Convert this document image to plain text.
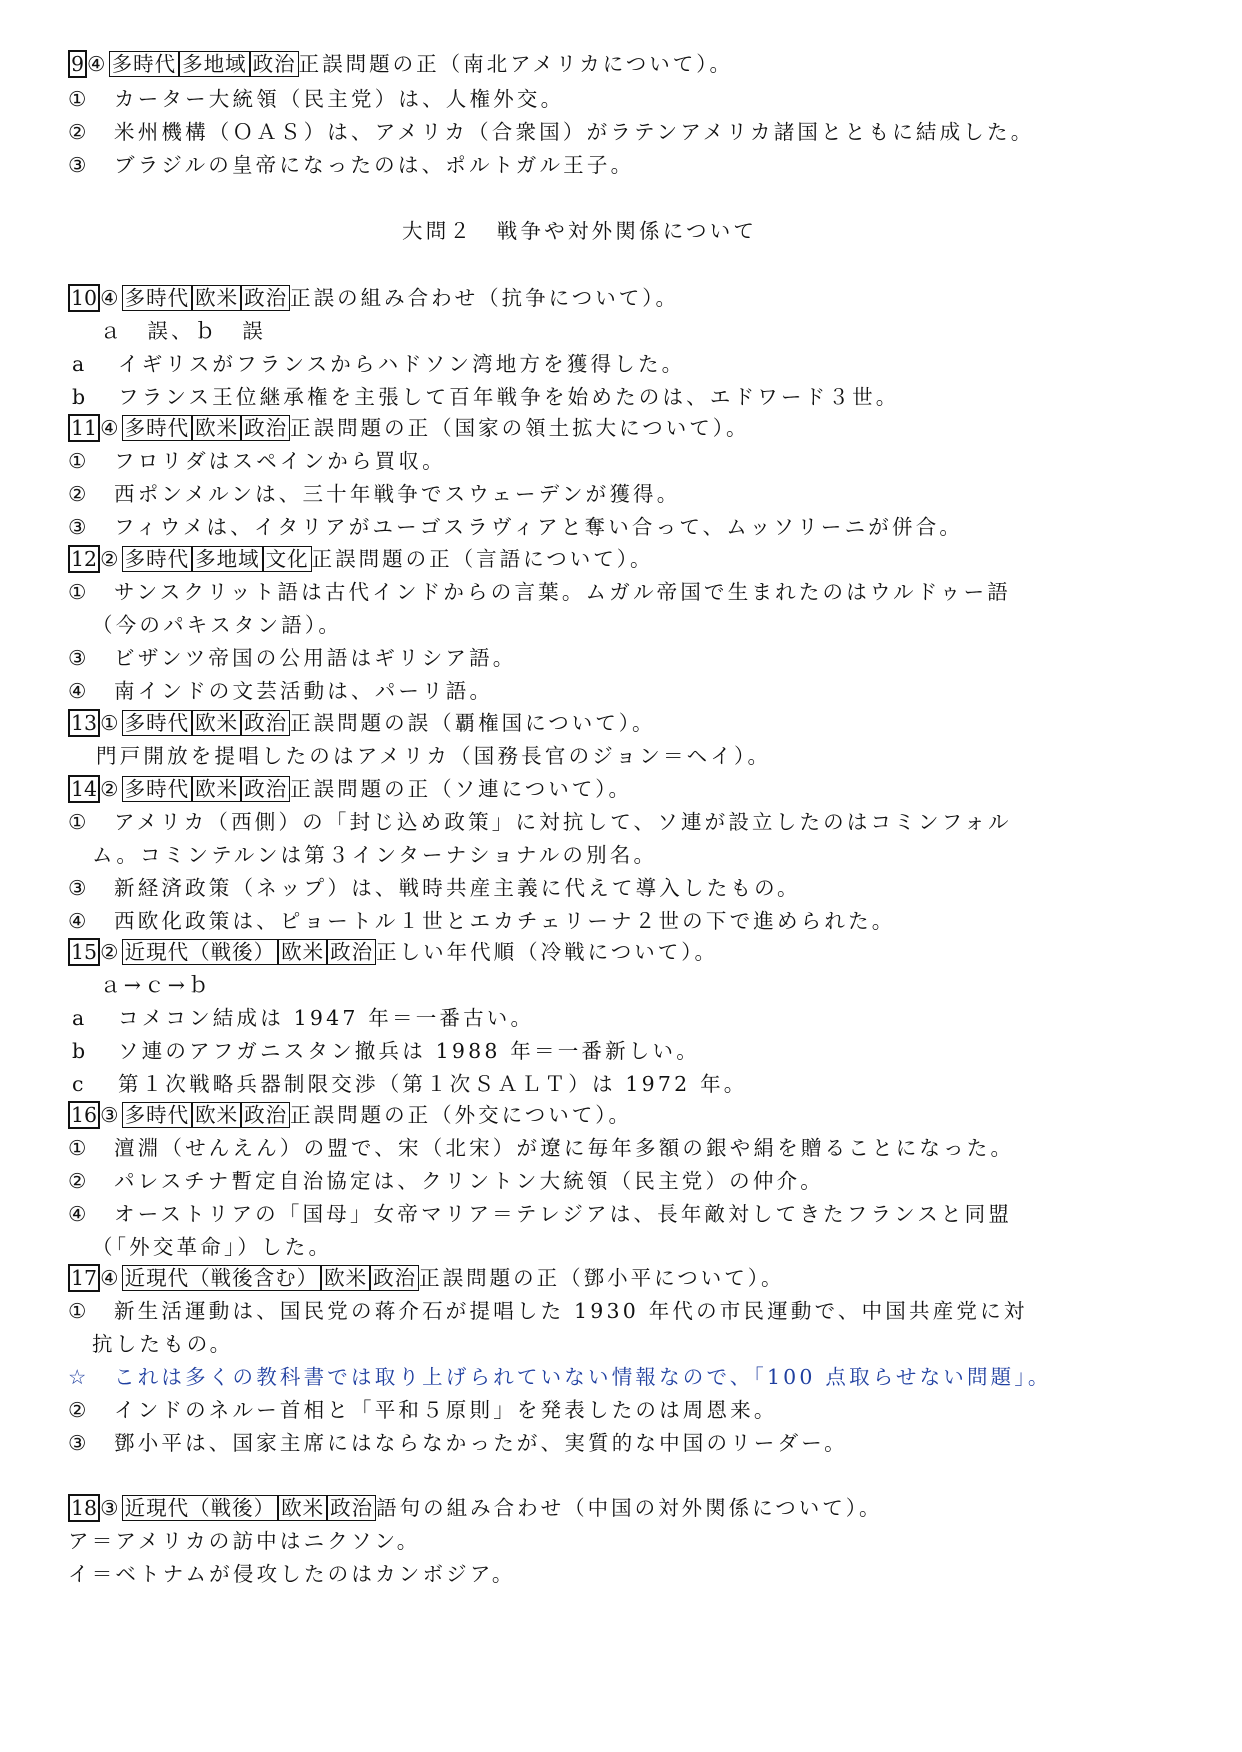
9 ④ 多時代 多地域 政治 正誤問題の正（南北アメリカについて）。
① カーター大統領（民主党）は、人権外交。
② 米州機構（ＯＡＳ）は、アメリカ（合衆国）がラテンアメリカ諸国とともに結成した。
③ ブラジルの皇帝になったのは、ポルトガル王子。
大問２　戦争や対外関係について
10 ④ 多時代 欧米 政治 正誤の組み合わせ（抗争について）。
ａ　誤、ｂ　誤
a イギリスがフランスからハドソン湾地方を獲得した。
b フランス王位継承権を主張して百年戦争を始めたのは、エドワード３世。
11 ④ 多時代 欧米 政治 正誤問題の正（国家の領土拡大について）。
① フロリダはスペインから買収。
② 西ポンメルンは、三十年戦争でスウェーデンが獲得。
③ フィウメは、イタリアがユーゴスラヴィアと奪い合って、ムッソリーニが併合。
12 ② 多時代 多地域 文化 正誤問題の正（言語について）。
① サンスクリット語は古代インドからの言葉。ムガル帝国で生まれたのはウルドゥー語
（今のパキスタン語）。
③ ビザンツ帝国の公用語はギリシア語。
④ 南インドの文芸活動は、パーリ語。
13 ① 多時代 欧米 政治 正誤問題の誤（覇権国について）。
門戸開放を提唱したのはアメリカ（国務長官のジョン＝ヘイ）。
14 ② 多時代 欧米 政治 正誤問題の正（ソ連について）。
① アメリカ（西側）の「封じ込め政策」に対抗して、ソ連が設立したのはコミンフォル
ム。コミンテルンは第３インターナショナルの別名。
③ 新経済政策（ネップ）は、戦時共産主義に代えて導入したもの。
④ 西欧化政策は、ピョートル１世とエカチェリーナ２世の下で進められた。
15 ② 近現代（戦後） 欧米 政治 正しい年代順（冷戦について）。
ａ→ｃ→ｂ
a コメコン結成は 1947 年＝一番古い。
b ソ連のアフガニスタン撤兵は 1988 年＝一番新しい。
c 第１次戦略兵器制限交渉（第１次ＳＡＬＴ）は 1972 年。
16 ③ 多時代 欧米 政治 正誤問題の正（外交について）。
① 澶淵（せんえん）の盟で、宋（北宋）が遼に毎年多額の銀や絹を贈ることになった。
② パレスチナ暫定自治協定は、クリントン大統領（民主党）の仲介。
④ オーストリアの「国母」女帝マリア＝テレジアは、長年敵対してきたフランスと同盟
（「外交革命」）した。
17 ④ 近現代（戦後含む） 欧米 政治 正誤問題の正（鄧小平について）。
① 新生活運動は、国民党の蒋介石が提唱した 1930 年代の市民運動で、中国共産党に対
抗したもの。
☆ これは多くの教科書では取り上げられていない情報なので、「100 点取らせない問題」。
② インドのネルー首相と「平和５原則」を発表したのは周恩来。
③ 鄧小平は、国家主席にはならなかったが、実質的な中国のリーダー。
18 ③ 近現代（戦後） 欧米 政治 語句の組み合わせ（中国の対外関係について）。
ア＝アメリカの訪中はニクソン。
イ＝ベトナムが侵攻したのはカンボジア。
